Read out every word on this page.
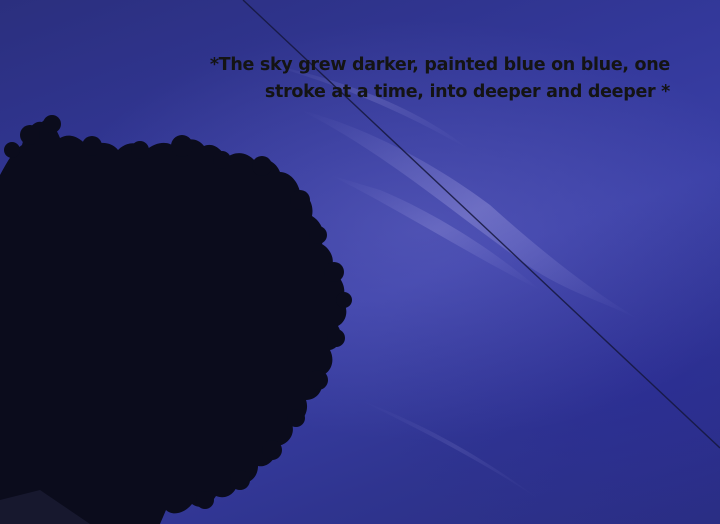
*The sky grew darker, painted blue on blue, one
stroke at a time, into deeper and deeper *
